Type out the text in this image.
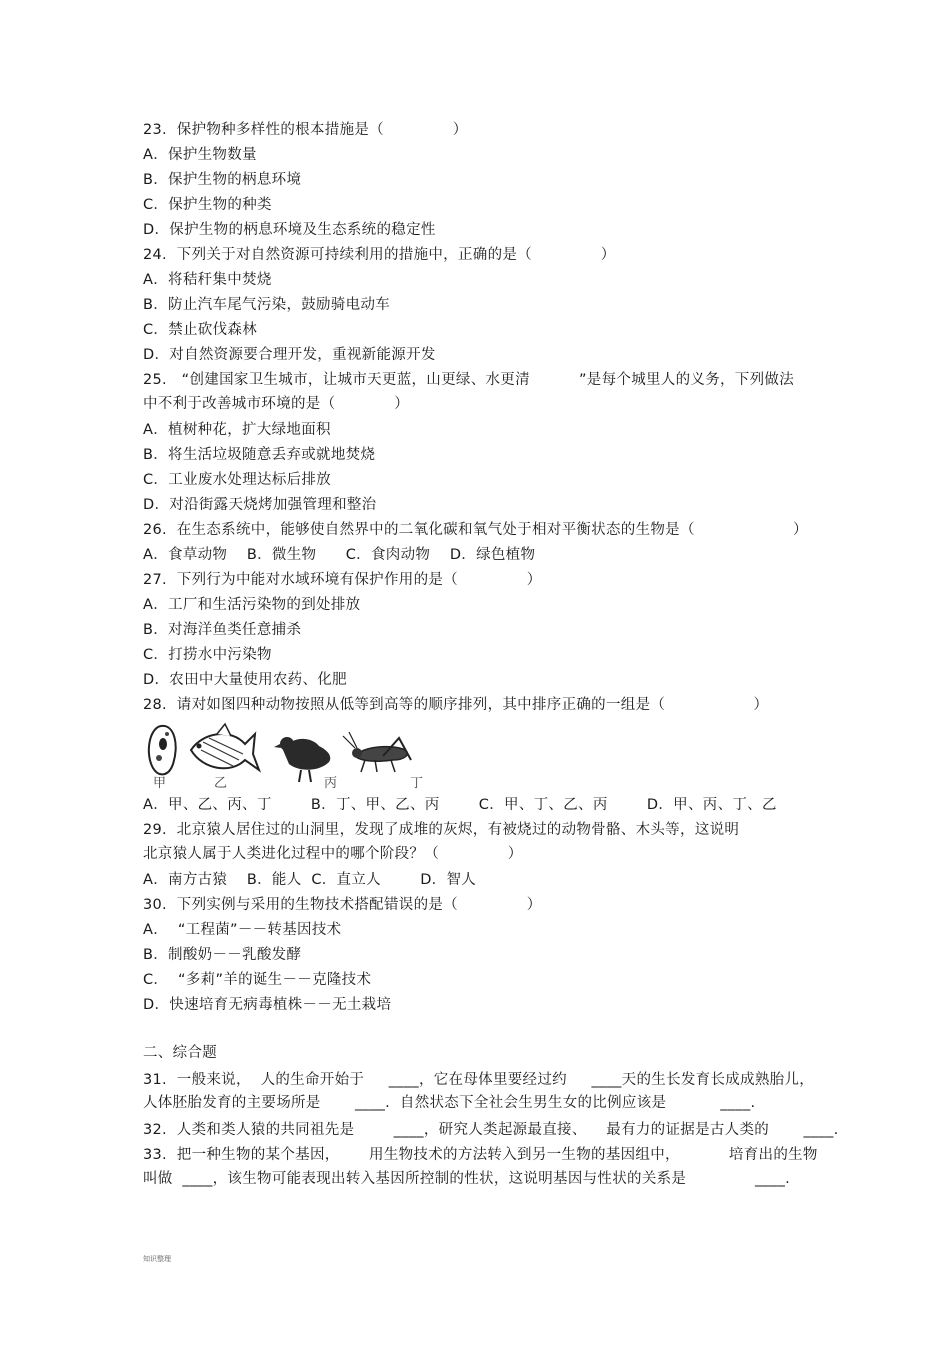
23.  保护物种多样性的根本措施是（              ）
A．保护生物数量
B．保护生物的柄息环境
C．保护生物的种类
D．保护生物的柄息环境及生态系统的稳定性
24.  下列关于对自然资源可持续利用的措施中，正确的是（              ）
A．将秸秆集中焚烧
B．防止汽车尾气污染，鼓励骑电动车
C．禁止砍伐森林
D．对自然资源要合理开发，重视新能源开发
25.   “创建国家卫生城市，让城市天更蓝，山更绿、水更清          ”是每个城里人的义务，下列做法
中不利于改善城市环境的是（            ）
A．植树种花，扩大绿地面积
B．将生活垃圾随意丢弃或就地焚烧
C．工业废水处理达标后排放
D．对沿街露天烧烤加强管理和整治
26.  在生态系统中，能够使自然界中的二氧化碳和氧气处于相对平衡状态的生物是（                    ）
A．食草动物    B．微生物      C．食肉动物    D．绿色植物
27.  下列行为中能对水域环境有保护作用的是（              ）
A．工厂和生活污染物的到处排放
B．对海洋鱼类任意捕杀
C．打捞水中污染物
D．农田中大量使用农药、化肥
28.  请对如图四种动物按照从低等到高等的顺序排列，其中排序正确的一组是（                  ）
甲	乙	丙	丁
A．甲、乙、丙、丁        B．丁、甲、乙、丙        C．甲、丁、乙、丙        D．甲、丙、丁、乙
29.  北京猿人居住过的山洞里，发现了成堆的灰烬，有被烧过的动物骨骼、木头等，这说明
北京猿人属于人类进化过程中的哪个阶段？（              ）
A．南方古猿    B．能人  C．直立人        D．智人
30.  下列实例与采用的生物技术搭配错误的是（              ）
A．  “工程菌”－－转基因技术
B．制酸奶－－乳酸发酵
C．  “多莉”羊的诞生－－克隆技术
D．快速培育无病毒植株－－无土栽培
二、综合题
31.  一般来说，  人的生命开始于     ____，它在母体里要经过约     ____天的生长发育长成成熟胎儿，
人体胚胎发育的主要场所是       ____.  自然状态下全社会生男生女的比例应该是           ____.
32.  人类和类人猿的共同祖先是        ____，研究人类起源最直接、    最有力的证据是古人类的       ____.
33.  把一种生物的某个基因，      用生物技术的方法转入到另一生物的基因组中，          培育出的生物
叫做  ____，该生物可能表现出转入基因所控制的性状，这说明基因与性状的关系是              ____.
知识整理
